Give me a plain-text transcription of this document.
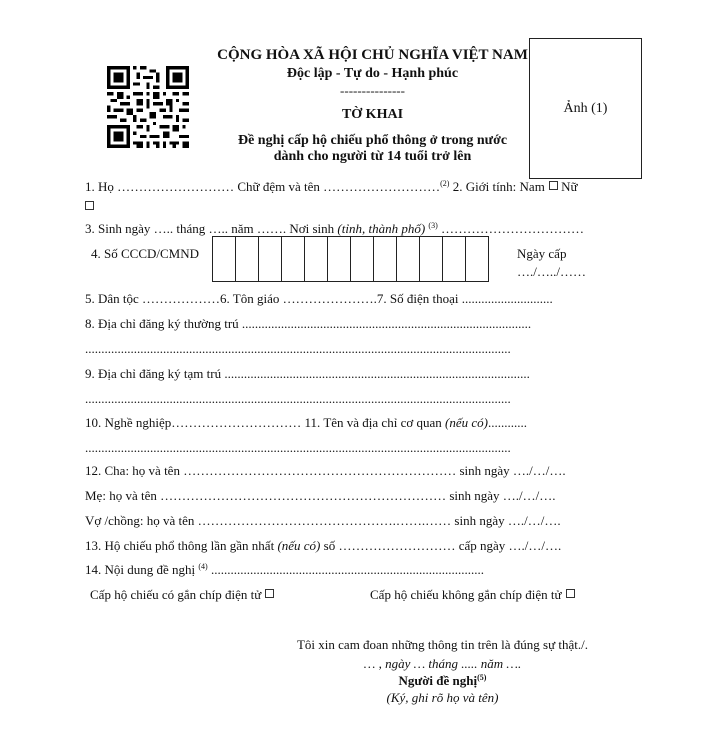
CỘNG HÒA XÃ HỘI CHỦ NGHĨA VIỆT NAM
Độc lập - Tự do - Hạnh phúc
---------------
TỜ KHAI
Đề nghị cấp hộ chiếu phổ thông ở trong nước
dành cho người từ 14 tuổi trở lên
Ảnh (1)
1. Họ ……………………… Chữ đệm và tên ………………………$^{(2)}$ 2. Giới tính: Nam Nữ
3. Sinh ngày ….. tháng ….. năm ……. Nơi sinh (tỉnh, thành phố) $^{(3)}$ ……………………………
4. Số CCCD/CMND	Ngày cấp
…./…../……
5. Dân tộc ………………6. Tôn giáo ………………….7. Số điện thoại ............................
8. Địa chỉ đăng ký thường trú .........................................................................................
...................................................................................................................................
9. Địa chỉ đăng ký tạm trú ..............................................................................................
...................................................................................................................................
10. Nghề nghiệp………………………… 11. Tên và địa chỉ cơ quan (nếu có)............
...................................................................................................................................
12. Cha: họ và tên ……………………………………………………… sinh ngày …./…/….
Mẹ: họ và tên ………………………………………………………… sinh ngày …./…/….
Vợ /chồng: họ và tên ……………………………………….…….…… sinh ngày …./…/….
13. Hộ chiếu phổ thông lần gần nhất (nếu có) số ……………………… cấp ngày …./…/….
14. Nội dung đề nghị $^{(4)}$ ....................................................................................
Cấp hộ chiếu có gắn chíp điện tử	Cấp hộ chiếu không gắn chíp điện tử
Tôi xin cam đoan những thông tin trên là đúng sự thật./.
… , ngày … tháng ..... năm ….
Người đề nghị$^{(5)}$
(Ký, ghi rõ họ và tên)
